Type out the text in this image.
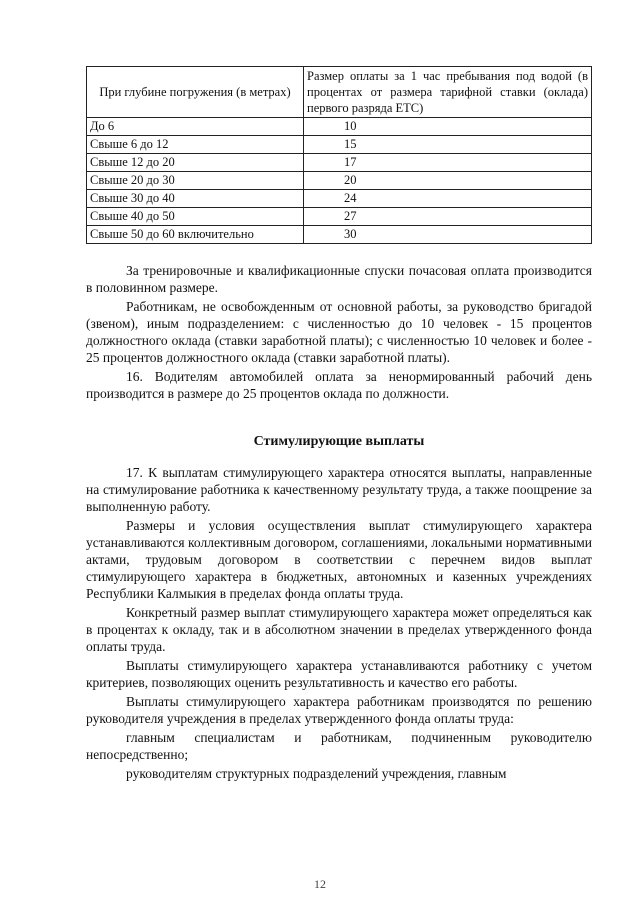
При глубине погружения (в метрах)	Размер оплаты за 1 час пребывания под водой (в процентах от размера тарифной ставки (оклада) первого разряда ЕТС)
До 6	10
Свыше 6 до 12	15
Свыше 12 до 20	17
Свыше 20 до 30	20
Свыше 30 до 40	24
Свыше 40 до 50	27
Свыше 50 до 60 включительно	30

За тренировочные и квалификационные спуски почасовая оплата производится в половинном размере.

Работникам, не освобожденным от основной работы, за руководство бригадой (звеном), иным подразделением: с численностью до 10 человек - 15 процентов должностного оклада (ставки заработной платы); с численностью 10 человек и более - 25 процентов должностного оклада (ставки заработной платы).

16. Водителям автомобилей оплата за ненормированный рабочий день производится в размере до 25 процентов оклада по должности.

Стимулирующие выплаты

17. К выплатам стимулирующего характера относятся выплаты, направленные на стимулирование работника к качественному результату труда, а также поощрение за выполненную работу.

Размеры и условия осуществления выплат стимулирующего характера устанавливаются коллективным договором, соглашениями, локальными нормативными актами, трудовым договором в соответствии с перечнем видов выплат стимулирующего характера в бюджетных, автономных и казенных учреждениях Республики Калмыкия в пределах фонда оплаты труда.

Конкретный размер выплат стимулирующего характера может определяться как в процентах к окладу, так и в абсолютном значении в пределах утвержденного фонда оплаты труда.

Выплаты стимулирующего характера устанавливаются работнику с учетом критериев, позволяющих оценить результативность и качество его работы.

Выплаты стимулирующего характера работникам производятся по решению руководителя учреждения в пределах утвержденного фонда оплаты труда:

главным специалистам и работникам, подчиненным руководителю непосредственно;

руководителям структурных подразделений учреждения, главным

12
